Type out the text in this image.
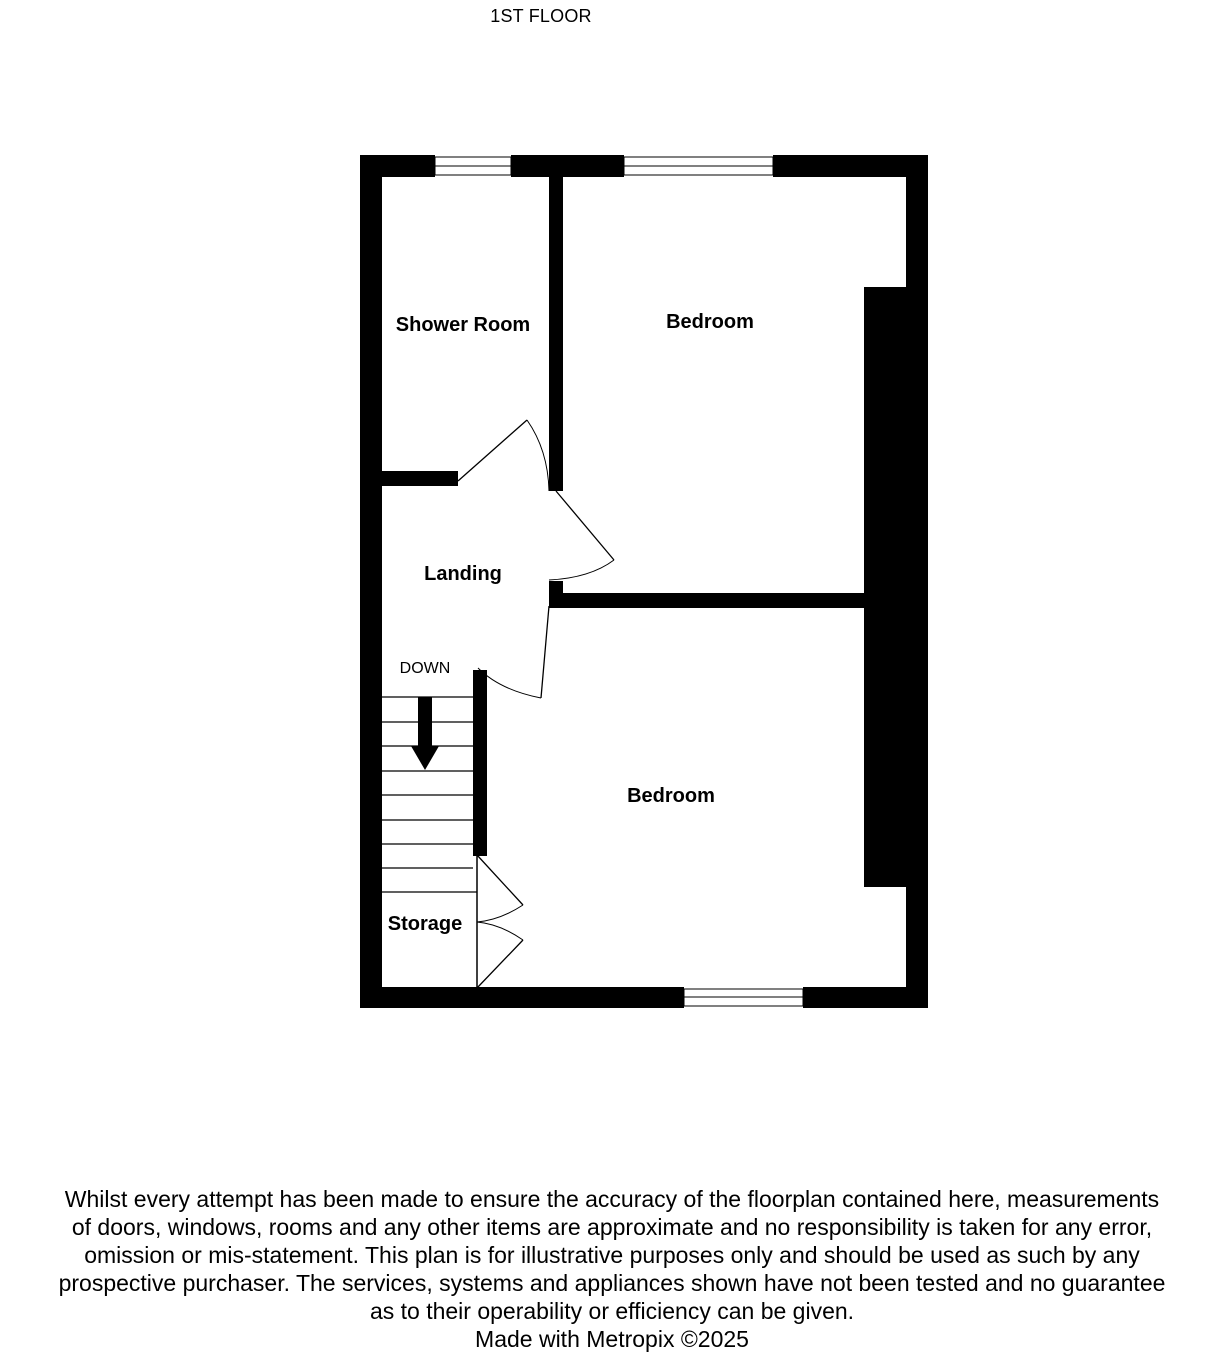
1ST FLOOR
Shower Room	Bedroom
Landing
Bedroom
Storage
DOWN

Whilst every attempt has been made to ensure the accuracy of the floorplan contained here, measurements

of doors, windows, rooms and any other items are approximate and no responsibility is taken for any error,

omission or mis-statement. This plan is for illustrative purposes only and should be used as such by any

prospective purchaser. The services, systems and appliances shown have not been tested and no guarantee

as to their operability or efficiency can be given.

Made with Metropix ©2025
